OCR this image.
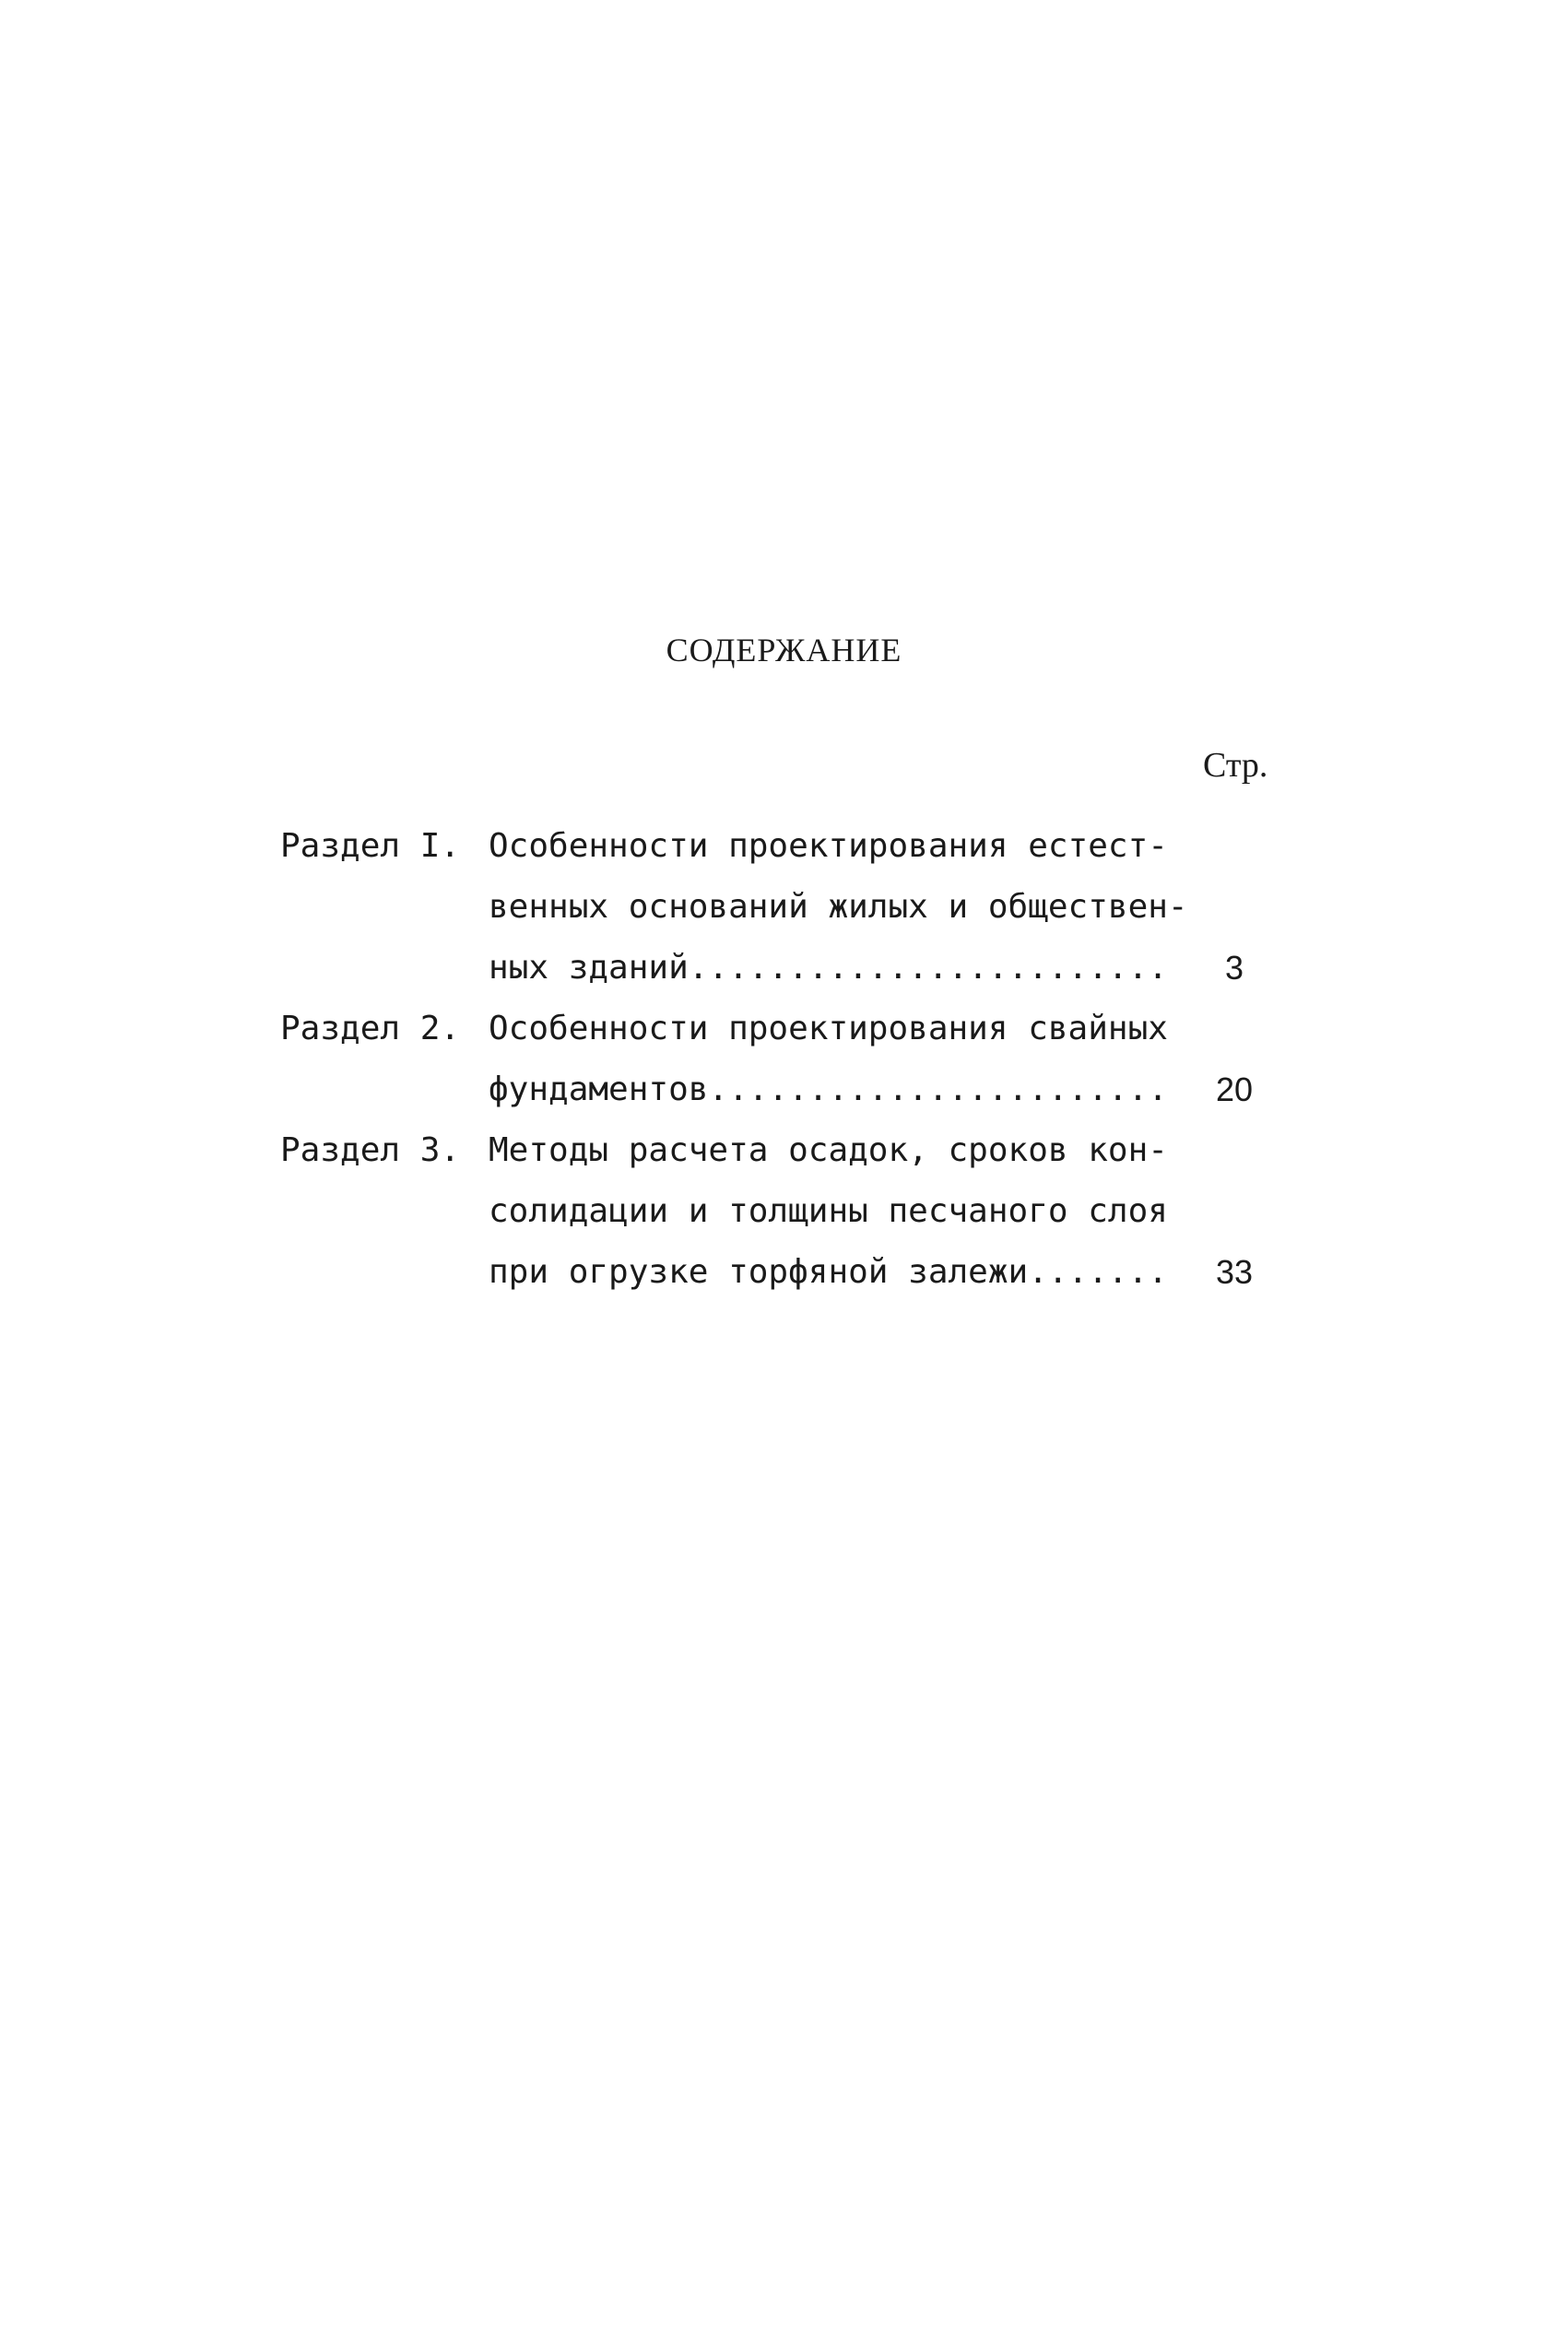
СОДЕРЖАНИЕ
Стр.
Раздел I. Особенности проектирования естест-
венных оснований жилых и обществен-
ных зданий........................	3
Раздел 2. Особенности проектирования свайных
фундаментов.......................	20
Раздел 3. Методы расчета осадок, сроков кон-
солидации и толщины песчаного слоя
при огрузке торфяной залежи.......	33
